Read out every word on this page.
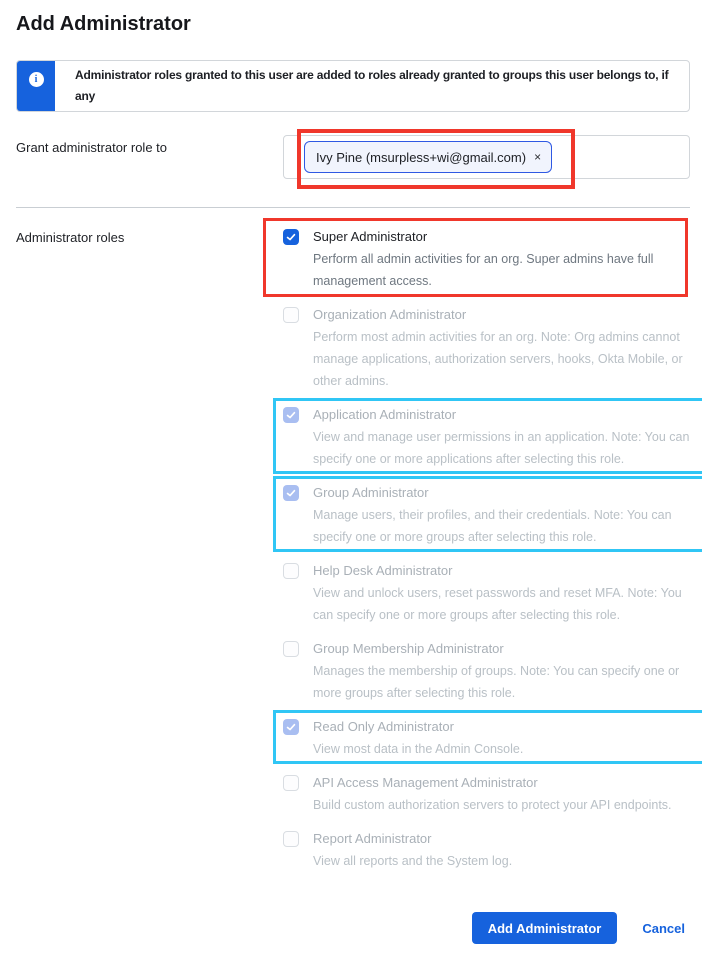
Add Administrator
i	Administrator roles granted to this user are added to roles already granted to groups this user belongs to, if any

Grant administrator role to
Ivy Pine (msurpless+wi@gmail.com) ×
Administrator roles	Super Administrator
Perform all admin activities for an org. Super admins have full management access.
Organization Administrator
Perform most admin activities for an org. Note: Org admins cannot manage applications, authorization servers, hooks, Okta Mobile, or other admins.
Application Administrator
View and manage user permissions in an application. Note: You can specify one or more applications after selecting this role.
Group Administrator
Manage users, their profiles, and their credentials. Note: You can specify one or more groups after selecting this role.
Help Desk Administrator
View and unlock users, reset passwords and reset MFA. Note: You can specify one or more groups after selecting this role.
Group Membership Administrator
Manages the membership of groups. Note: You can specify one or more groups after selecting this role.
Read Only Administrator
View most data in the Admin Console.
API Access Management Administrator
Build custom authorization servers to protect your API endpoints.
Report Administrator
View all reports and the System log.
Add Administrator	Cancel
